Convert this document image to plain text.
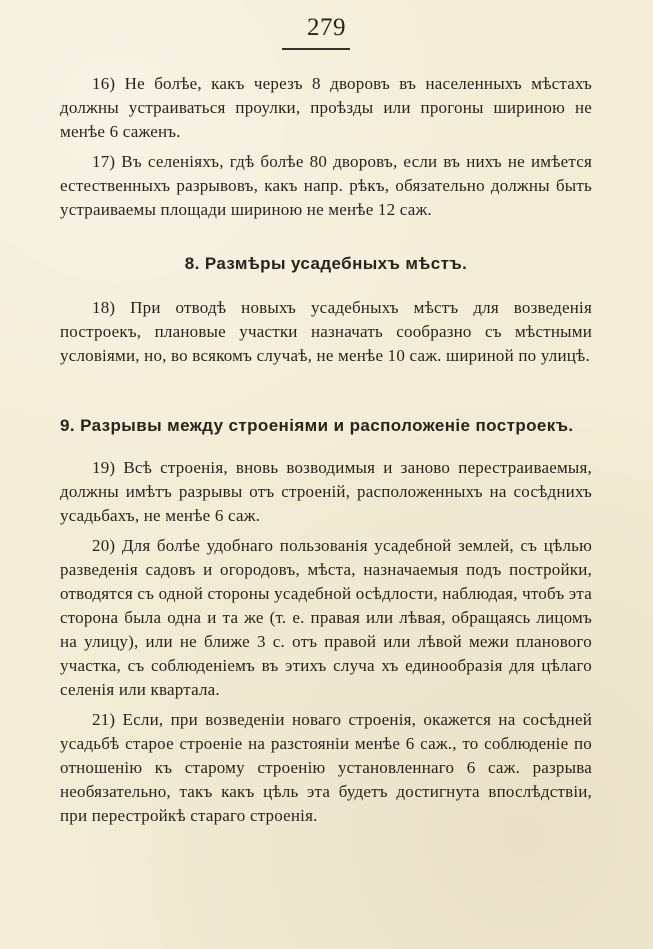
279

16) Не болѣе, какъ черезъ 8 дворовъ въ населенныхъ мѣстахъ должны устраиваться проулки, проѣзды или прогоны шириною не менѣе 6 саженъ.

17) Въ селеніяхъ, гдѣ болѣе 80 дворовъ, если въ нихъ не имѣется естественныхъ разрывовъ, какъ напр. рѣкъ, обязательно должны быть устраиваемы площади шириною не менѣе 12 саж.

8. Размѣры усадебныхъ мѣстъ.

18) При отводѣ новыхъ усадебныхъ мѣстъ для возведенія построекъ, плановые участки назначать сообразно съ мѣстными условіями, но, во всякомъ случаѣ, не менѣе 10 саж. шириной по улицѣ.

9. Разрывы между строеніями и расположеніе построекъ.

19) Всѣ строенія, вновь возводимыя и заново перестраиваемыя, должны имѣтъ разрывы отъ строеній, расположенныхъ на сосѣднихъ усадьбахъ, не менѣе 6 саж.

20) Для болѣе удобнаго пользованія усадебной землей, съ цѣлью разведенія садовъ и огородовъ, мѣста, назначаемыя подъ постройки, отводятся съ одной стороны усадебной осѣдлости, наблюдая, чтобъ эта сторона была одна и та же (т. е. правая или лѣвая, обращаясь лицомъ на улицу), или не ближе 3 с. отъ правой или лѣвой межи планового участка, съ соблюденіемъ въ этихъ случа хъ единообразія для цѣлаго селенія или квартала.

21) Если, при возведеніи новаго строенія, окажется на сосѣдней усадьбѣ старое строеніе на разстояніи менѣе 6 саж., то соблюденіе по отношенію къ старому строенію установленнаго 6 саж. разрыва необязательно, такъ какъ цѣль эта будетъ достигнута впослѣдствіи, при перестройкѣ стараго строенія.
